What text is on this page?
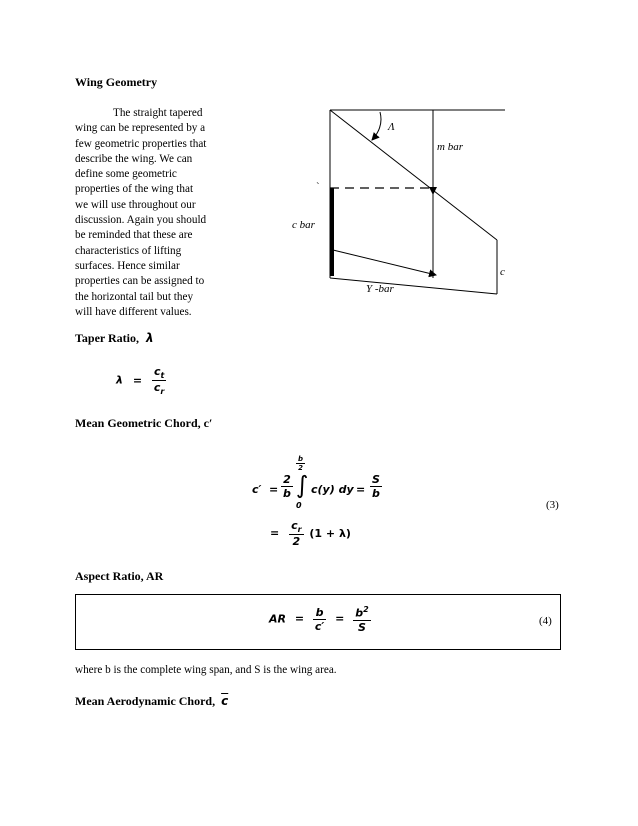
Wing Geometry
The straight tapered
wing can be represented by a
few geometric properties that
describe the wing. We can
define some geometric
properties of the wing that
we will use throughout our
discussion. Again you should
be reminded that these are
characteristics of lifting
surfaces. Hence similar
properties can be assigned to
the horizontal tail but they
will have different values.
Λ
m bar
c bar
Y -bar
`
c
Taper Ratio, λ
$\lambda = \frac{c_t}{c_r}$
Mean Geometric Chord, c′
$c' = \frac{2}{b}$
$\frac{b}{2}$
∫
0
c(y) dy = $\frac{S}{b}$
(3)
= $\frac{c_r}{2} (1 + \lambda)$
Aspect Ratio, AR
AR = $\frac{b}{c'} = \frac{b^2}{S}$	(4)
where b is the complete wing span, and S is the wing area.
Mean Aerodynamic Chord, $\overline{c}$
